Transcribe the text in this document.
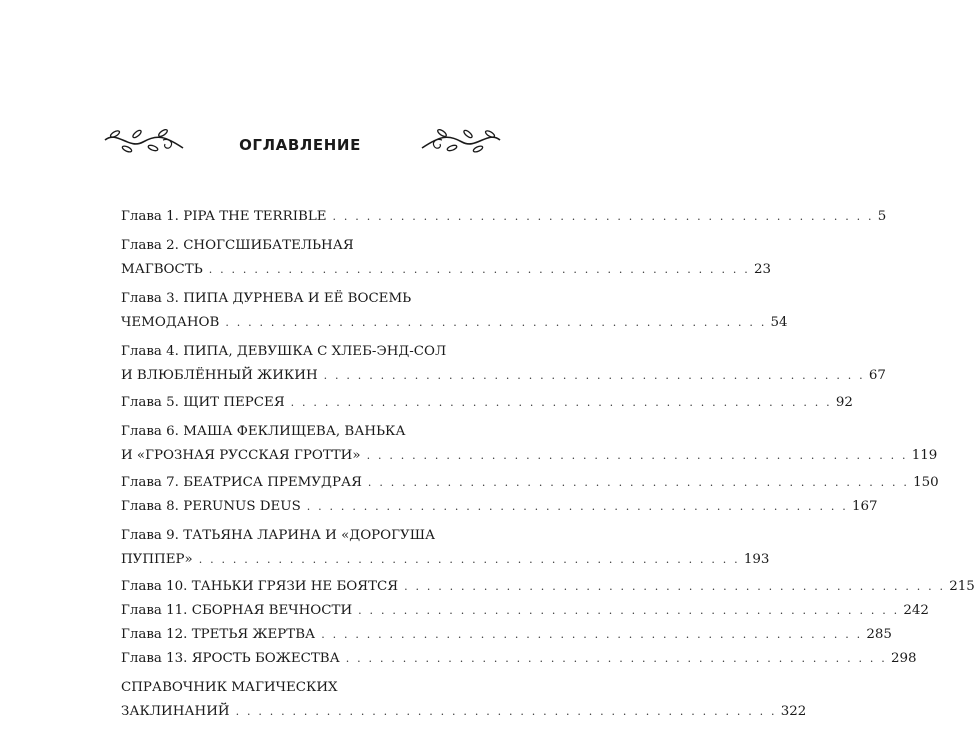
ОГЛАВЛЕНИЕ
Глава 1. PIPA THE TERRIBLE . . . . . . . . . . . . . . . . . . . . . . . . . . . . . . . . . . . . . . . . . . . . . . . . 5
Глава 2. СНОГСШИБАТЕЛЬНАЯ
МАГВОСТЬ . . . . . . . . . . . . . . . . . . . . . . . . . . . . . . . . . . . . . . . . . . . . . . . . 23
Глава 3. ПИПА ДУРНЕВА И ЕЁ ВОСЕМЬ
ЧЕМОДАНОВ . . . . . . . . . . . . . . . . . . . . . . . . . . . . . . . . . . . . . . . . . . . . . . . . 54
Глава 4. ПИПА, ДЕВУШКА С ХЛЕБ-ЭНД-СОЛ
И ВЛЮБЛЁННЫЙ ЖИКИН . . . . . . . . . . . . . . . . . . . . . . . . . . . . . . . . . . . . . . . . . . . . . . . . 67
Глава 5. ЩИТ ПЕРСЕЯ . . . . . . . . . . . . . . . . . . . . . . . . . . . . . . . . . . . . . . . . . . . . . . . . 92
Глава 6. МАША ФЕКЛИЩЕВА, ВАНЬКА
И «ГРОЗНАЯ РУССКАЯ ГРОТТИ» . . . . . . . . . . . . . . . . . . . . . . . . . . . . . . . . . . . . . . . . . . . . . . . . 119
Глава 7. БЕАТРИСА ПРЕМУДРАЯ . . . . . . . . . . . . . . . . . . . . . . . . . . . . . . . . . . . . . . . . . . . . . . . . 150
Глава 8. PERUNUS DEUS . . . . . . . . . . . . . . . . . . . . . . . . . . . . . . . . . . . . . . . . . . . . . . . . 167
Глава 9. ТАТЬЯНА ЛАРИНА И «ДОРОГУША
ПУППЕР» . . . . . . . . . . . . . . . . . . . . . . . . . . . . . . . . . . . . . . . . . . . . . . . . 193
Глава 10. ТАНЬКИ ГРЯЗИ НЕ БОЯТСЯ . . . . . . . . . . . . . . . . . . . . . . . . . . . . . . . . . . . . . . . . . . . . . . . . 215
Глава 11. СБОРНАЯ ВЕЧНОСТИ . . . . . . . . . . . . . . . . . . . . . . . . . . . . . . . . . . . . . . . . . . . . . . . . 242
Глава 12. ТРЕТЬЯ ЖЕРТВА . . . . . . . . . . . . . . . . . . . . . . . . . . . . . . . . . . . . . . . . . . . . . . . . 285
Глава 13. ЯРОСТЬ БОЖЕСТВА . . . . . . . . . . . . . . . . . . . . . . . . . . . . . . . . . . . . . . . . . . . . . . . . 298
СПРАВОЧНИК МАГИЧЕСКИХ
ЗАКЛИНАНИЙ . . . . . . . . . . . . . . . . . . . . . . . . . . . . . . . . . . . . . . . . . . . . . . . . 322
